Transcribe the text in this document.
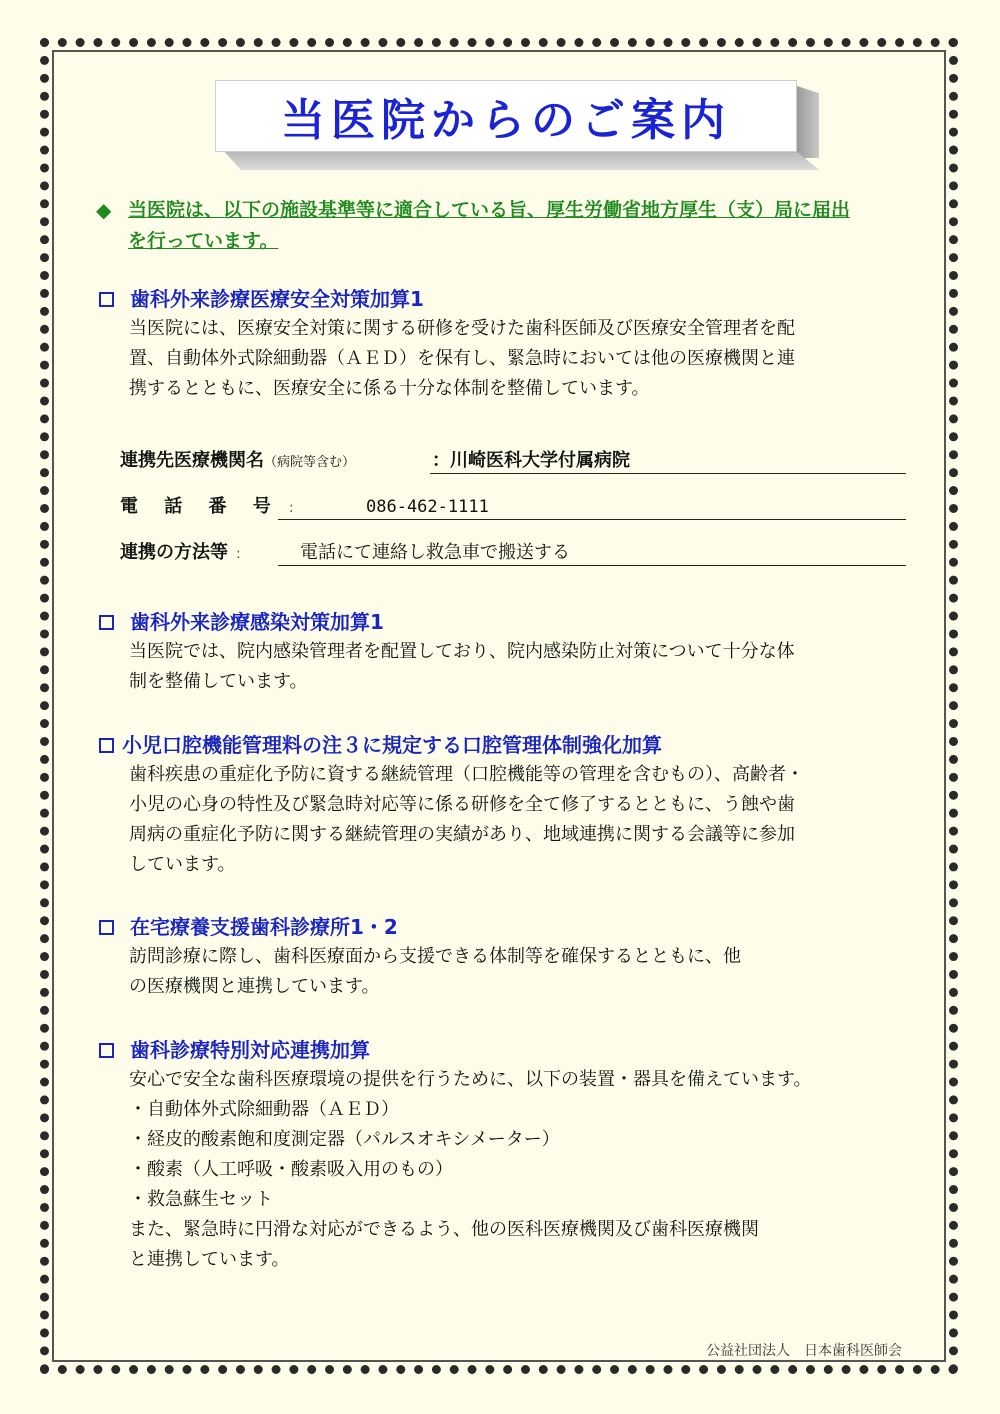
当医院からのご案内
◆ 当医院は、以下の施設基準等に適合している旨、厚生労働省地方厚生（支）局に届出
を行っています。
歯科外来診療医療安全対策加算1
当医院には、医療安全対策に関する研修を受けた歯科医師及び医療安全管理者を配
置、自動体外式除細動器（ＡＥＤ）を保有し、緊急時においては他の医療機関と連
携するとともに、医療安全に係る十分な体制を整備しています。
連携先医療機関名（病院等含む）	：川崎医科大学付属病院
電 話 番 号 :	086-462-1111
連携の方法等 :	電話にて連絡し救急車で搬送する
歯科外来診療感染対策加算1
当医院では、院内感染管理者を配置しており、院内感染防止対策について十分な体
制を整備しています。
小児口腔機能管理料の注３に規定する口腔管理体制強化加算
歯科疾患の重症化予防に資する継続管理（口腔機能等の管理を含むもの）、高齢者・
小児の心身の特性及び緊急時対応等に係る研修を全て修了するとともに、う蝕や歯
周病の重症化予防に関する継続管理の実績があり、地域連携に関する会議等に参加
しています。
在宅療養支援歯科診療所1・2
訪問診療に際し、歯科医療面から支援できる体制等を確保するとともに、他
の医療機関と連携しています。
歯科診療特別対応連携加算
安心で安全な歯科医療環境の提供を行うために、以下の装置・器具を備えています。
・自動体外式除細動器（ＡＥＤ）
・経皮的酸素飽和度測定器（パルスオキシメーター）
・酸素（人工呼吸・酸素吸入用のもの）
・救急蘇生セット
また、緊急時に円滑な対応ができるよう、他の医科医療機関及び歯科医療機関
と連携しています。
公益社団法人　日本歯科医師会
